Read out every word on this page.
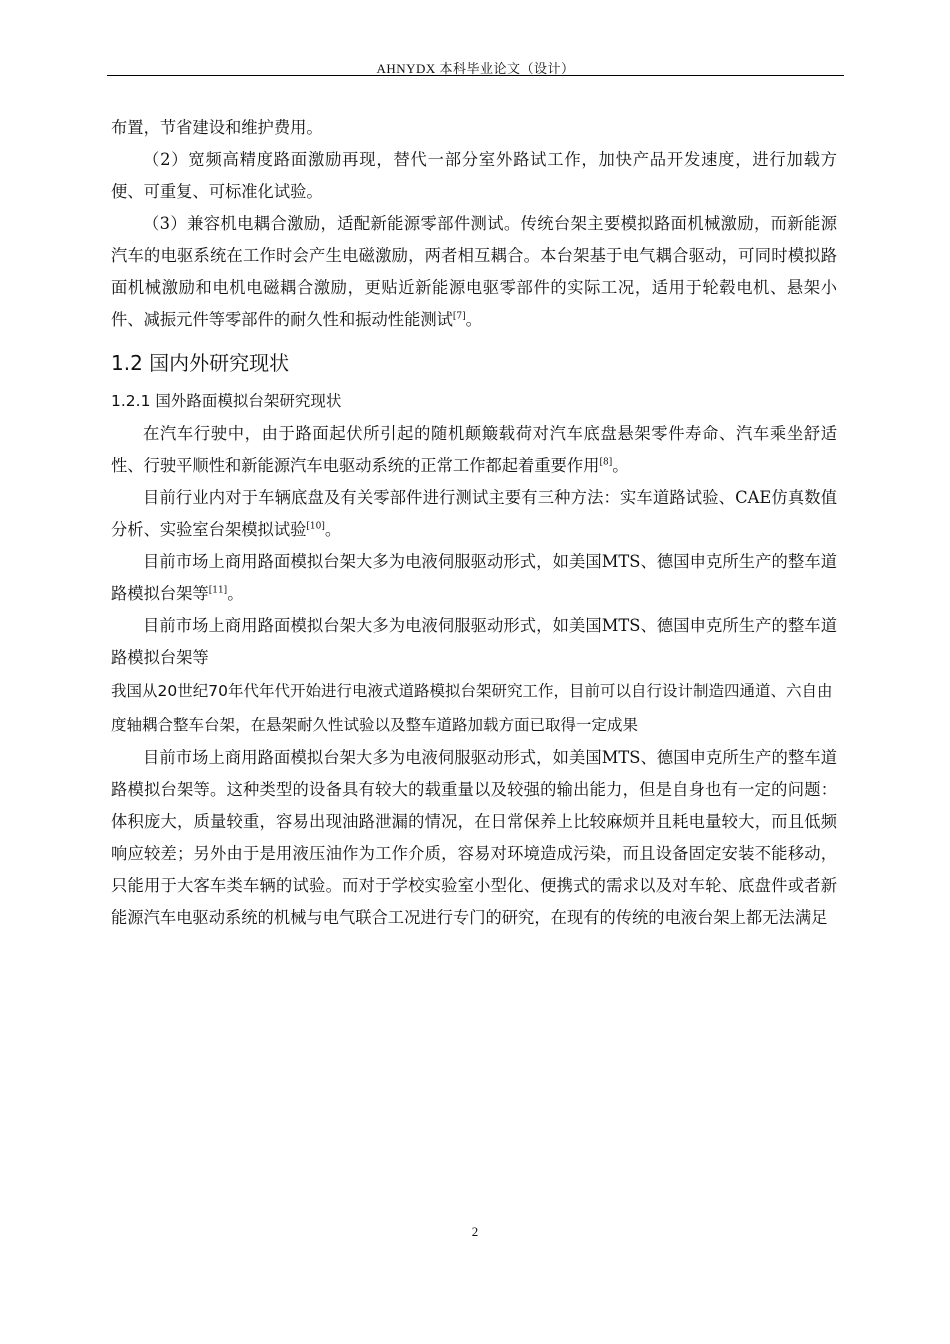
AHNYDX 本科毕业论文（设计）

布置，节省建设和维护费用。

（2）宽频高精度路面激励再现，替代一部分室外路试工作，加快产品开发速度，进行加载方便、可重复、可标准化试验。

（3）兼容机电耦合激励，适配新能源零部件测试。传统台架主要模拟路面机械激励，而新能源汽车的电驱系统在工作时会产生电磁激励，两者相互耦合。本台架基于电气耦合驱动，可同时模拟路面机械激励和电机电磁耦合激励，更贴近新能源电驱零部件的实际工况，适用于轮毂电机、悬架小件、减振元件等零部件的耐久性和振动性能测试[7]。

1.2 国内外研究现状
1.2.1 国外路面模拟台架研究现状

在汽车行驶中，由于路面起伏所引起的随机颠簸载荷对汽车底盘悬架零件寿命、汽车乘坐舒适性、行驶平顺性和新能源汽车电驱动系统的正常工作都起着重要作用[8]。

目前行业内对于车辆底盘及有关零部件进行测试主要有三种方法：实车道路试验、CAE仿真数值分析、实验室台架模拟试验[10]。

目前市场上商用路面模拟台架大多为电液伺服驱动形式，如美国MTS、德国申克所生产的整车道路模拟台架等[11]。

目前市场上商用路面模拟台架大多为电液伺服驱动形式，如美国MTS、德国申克所生产的整车道路模拟台架等

我国从20世纪70年代年代开始进行电液式道路模拟台架研究工作，目前可以自行设计制造四通道、六自由度轴耦合整车台架，在悬架耐久性试验以及整车道路加载方面已取得一定成果

目前市场上商用路面模拟台架大多为电液伺服驱动形式，如美国MTS、德国申克所生产的整车道路模拟台架等。这种类型的设备具有较大的载重量以及较强的输出能力，但是自身也有一定的问题：体积庞大，质量较重，容易出现油路泄漏的情况，在日常保养上比较麻烦并且耗电量较大，而且低频响应较差；另外由于是用液压油作为工作介质，容易对环境造成污染，而且设备固定安装不能移动，只能用于大客车类车辆的试验。而对于学校实验室小型化、便携式的需求以及对车轮、底盘件或者新能源汽车电驱动系统的机械与电气联合工况进行专门的研究，在现有的传统的电液台架上都无法满足

2
